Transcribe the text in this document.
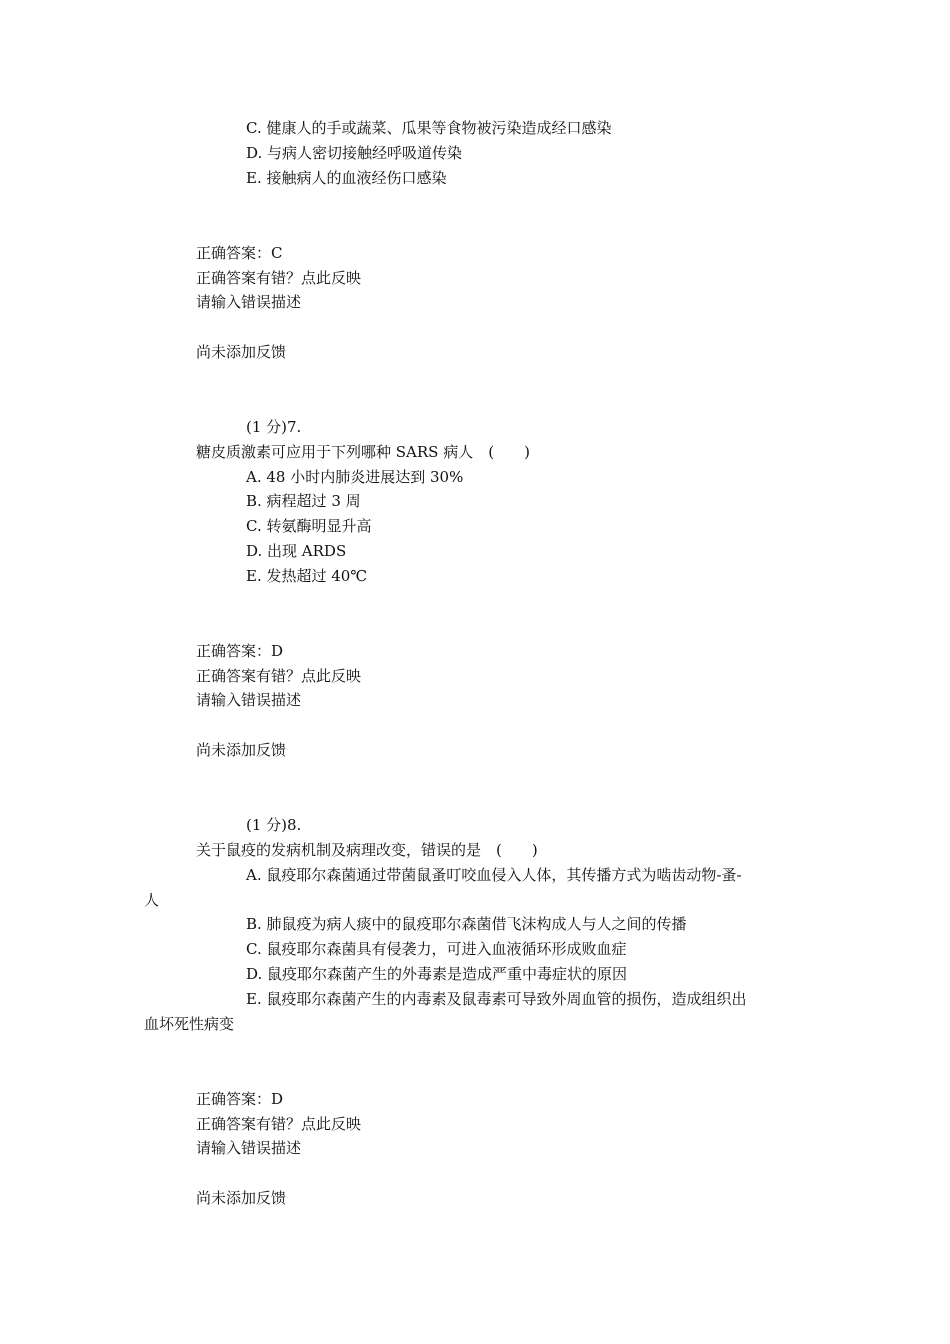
C. 健康人的手或蔬菜、瓜果等食物被污染造成经口感染
D. 与病人密切接触经呼吸道传染
E. 接触病人的血液经伤口感染
正确答案：C
正确答案有错？点此反映
请输入错误描述
尚未添加反馈
(1 分)7.
糖皮质激素可应用于下列哪种 SARS 病人　(　　)
A. 48 小时内肺炎进展达到 30%
B. 病程超过 3 周
C. 转氨酶明显升高
D. 出现 ARDS
E. 发热超过 40℃
正确答案：D
正确答案有错？点此反映
请输入错误描述
尚未添加反馈
(1 分)8.
关于鼠疫的发病机制及病理改变，错误的是　(　　)
A. 鼠疫耶尔森菌通过带菌鼠蚤叮咬血侵入人体，其传播方式为啮齿动物-蚤-
人
B. 肺鼠疫为病人痰中的鼠疫耶尔森菌借飞沫构成人与人之间的传播
C. 鼠疫耶尔森菌具有侵袭力，可进入血液循环形成败血症
D. 鼠疫耶尔森菌产生的外毒素是造成严重中毒症状的原因
E. 鼠疫耶尔森菌产生的内毒素及鼠毒素可导致外周血管的损伤，造成组织出
血坏死性病变
正确答案：D
正确答案有错？点此反映
请输入错误描述
尚未添加反馈
